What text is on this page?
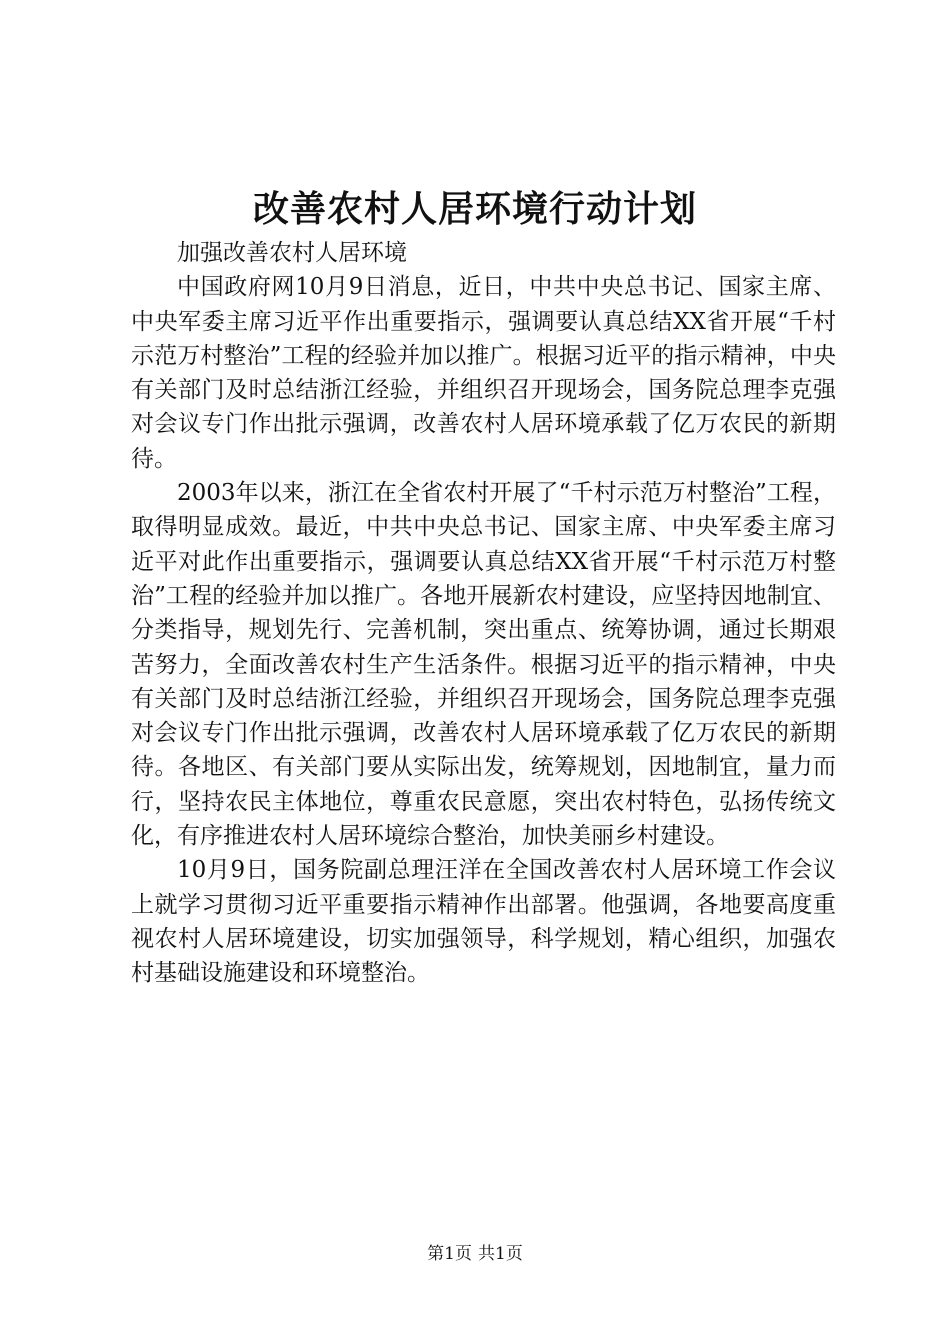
改善农村人居环境行动计划

加强改善农村人居环境

中国政府网10月9日消息，近日，中共中央总书记、国家主席、中央军委主席习近平作出重要指示，强调要认真总结XX省开展“千村示范万村整治”工程的经验并加以推广。根据习近平的指示精神，中央有关部门及时总结浙江经验，并组织召开现场会，国务院总理李克强对会议专门作出批示强调，改善农村人居环境承载了亿万农民的新期待。

2003年以来，浙江在全省农村开展了“千村示范万村整治”工程，取得明显成效。最近，中共中央总书记、国家主席、中央军委主席习近平对此作出重要指示，强调要认真总结XX省开展“千村示范万村整治”工程的经验并加以推广。各地开展新农村建设，应坚持因地制宜、分类指导，规划先行、完善机制，突出重点、统筹协调，通过长期艰苦努力，全面改善农村生产生活条件。根据习近平的指示精神，中央有关部门及时总结浙江经验，并组织召开现场会，国务院总理李克强对会议专门作出批示强调，改善农村人居环境承载了亿万农民的新期待。各地区、有关部门要从实际出发，统筹规划，因地制宜，量力而行，坚持农民主体地位，尊重农民意愿，突出农村特色，弘扬传统文化，有序推进农村人居环境综合整治，加快美丽乡村建设。

10月9日，国务院副总理汪洋在全国改善农村人居环境工作会议上就学习贯彻习近平重要指示精神作出部署。他强调，各地要高度重视农村人居环境建设，切实加强领导，科学规划，精心组织，加强农村基础设施建设和环境整治。

第1页 共1页
